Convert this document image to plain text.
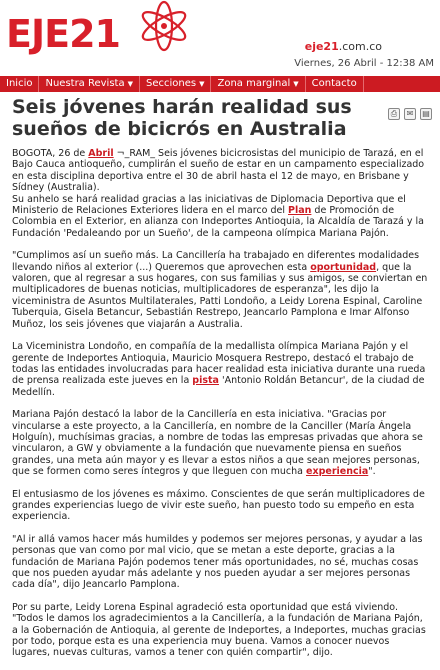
EJE21	eje21.com.co
Viernes, 26 Abril - 12:38 AM
Inicio Nuestra Revista ▼ Secciones ▼ Zona marginal ▼ Contacto
Seis jóvenes harán realidad sus sueños de bicicrós en Australia
⎙	✉	▤

BOGOTA, 26 de Abril ¬_RAM_ Seis jóvenes bicicrosistas del municipio de Tarazá, en el Bajo Cauca antioqueño, cumplirán el sueño de estar en un campamento especializado en esta disciplina deportiva entre el 30 de abril hasta el 12 de mayo, en Brisbane y Sídney (Australia).
Su anhelo se hará realidad gracias a las iniciativas de Diplomacia Deportiva que el Ministerio de Relaciones Exteriores lidera en el marco del Plan de Promoción de Colombia en el Exterior, en alianza con Indeportes Antioquia, la Alcaldía de Tarazá y la Fundación 'Pedaleando por un Sueño', de la campeona olímpica Mariana Pajón.

"Cumplimos así un sueño más. La Cancillería ha trabajado en diferentes modalidades llevando niños al exterior (...) Queremos que aprovechen esta oportunidad, que la valoren, que al regresar a sus hogares, con sus familias y sus amigos, se conviertan en multiplicadores de buenas noticias, multiplicadores de esperanza", les dijo la viceministra de Asuntos Multilaterales, Patti Londoño, a Leidy Lorena Espinal, Caroline Tuberquia, Gisela Betancur, Sebastián Restrepo, Jeancarlo Pamplona e Imar Alfonso Muñoz, los seis jóvenes que viajarán a Australia.

La Viceministra Londoño, en compañía de la medallista olímpica Mariana Pajón y el gerente de Indeportes Antioquia, Mauricio Mosquera Restrepo, destacó el trabajo de todas las entidades involucradas para hacer realidad esta iniciativa durante una rueda de prensa realizada este jueves en la pista 'Antonio Roldán Betancur', de la ciudad de Medellín.

Mariana Pajón destacó la labor de la Cancillería en esta iniciativa. "Gracias por vincularse a este proyecto, a la Cancillería, en nombre de la Canciller (María Ángela Holguín), muchísimas gracias, a nombre de todas las empresas privadas que ahora se vincularon, a GW y obviamente a la fundación que nuevamente piensa en sueños grandes, una meta aún mayor y es llevar a estos niños a que sean mejores personas, que se formen como seres íntegros y que lleguen con mucha experiencia".

El entusiasmo de los jóvenes es máximo. Conscientes de que serán multiplicadores de grandes experiencias luego de vivir este sueño, han puesto todo su empeño en esta experiencia.

"Al ir allá vamos hacer más humildes y podemos ser mejores personas, y ayudar a las personas que van como por mal vicio, que se metan a este deporte, gracias a la fundación de Mariana Pajón podemos tener más oportunidades, no sé, muchas cosas que nos pueden ayudar más adelante y nos pueden ayudar a ser mejores personas cada día", dijo Jeancarlo Pamplona.

Por su parte, Leidy Lorena Espinal agradeció esta oportunidad que está viviendo. "Todos le damos los agradecimientos a la Cancillería, a la fundación de Mariana Pajón, a la Gobernación de Antioquia, al gerente de Indeportes, a Indeportes, muchas gracias por todo, porque esta es una experiencia muy buena. Vamos a conocer nuevos lugares, nuevas culturas, vamos a tener con quién compartir", dijo.
